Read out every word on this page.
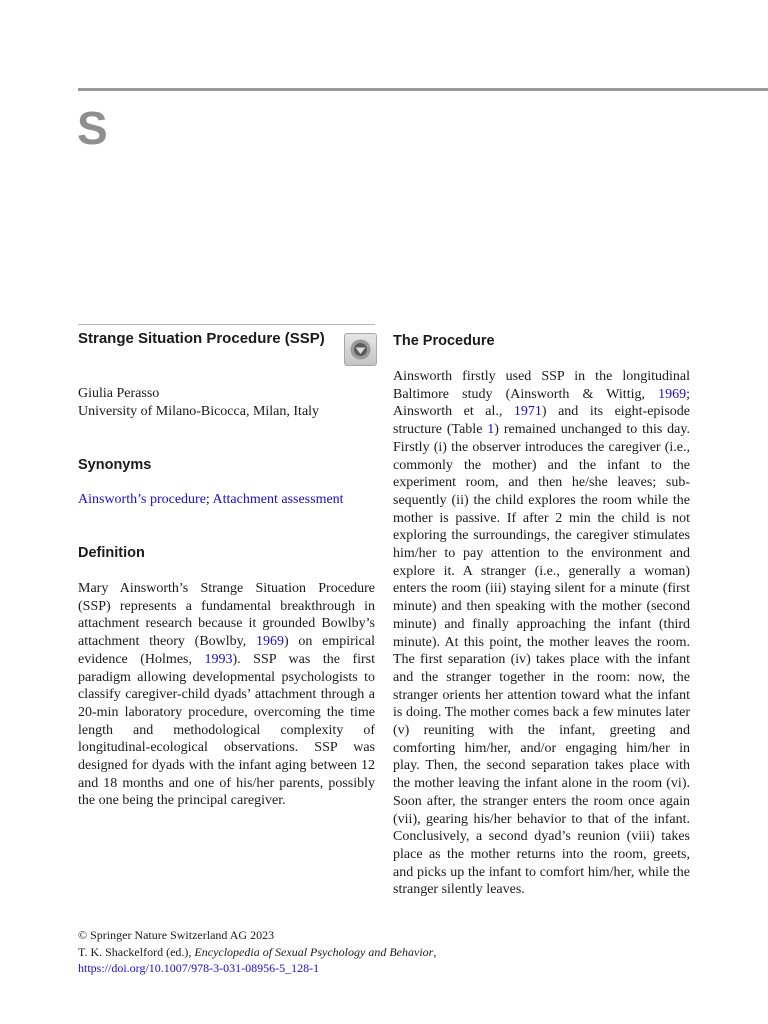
S
Strange Situation Procedure (SSP)
Giulia Perasso
University of Milano-Bicocca, Milan, Italy
Synonyms
Ainsworth’s procedure; Attachment assessment
Definition
Mary Ainsworth’s Strange Situation Procedure (SSP) represents a fundamental breakthrough in attachment research because it grounded Bowlby’s attachment theory (Bowlby, 1969) on empirical evidence (Holmes, 1993). SSP was the first paradigm allowing developmental psychologists to classify caregiver-child dyads’ attachment through a 20-min laboratory procedure, overcoming the time length and methodological complexity of longitudinal-ecological observations. SSP was designed for dyads with the infant aging between 12 and 18 months and one of his/her parents, possibly the one being the principal caregiver.
The Procedure
Ainsworth firstly used SSP in the longitudinal Baltimore study (Ainsworth & Wittig, 1969; Ainsworth et al., 1971) and its eight-episode structure (Table 1) remained unchanged to this day. Firstly (i) the observer introduces the caregiver (i.e., commonly the mother) and the infant to the experiment room, and then he/she leaves; subsequently (ii) the child explores the room while the mother is passive. If after 2 min the child is not exploring the surroundings, the caregiver stimulates him/her to pay attention to the environment and explore it. A stranger (i.e., generally a woman) enters the room (iii) staying silent for a minute (first minute) and then speaking with the mother (second minute) and finally approaching the infant (third minute). At this point, the mother leaves the room. The first separation (iv) takes place with the infant and the stranger together in the room: now, the stranger orients her attention toward what the infant is doing. The mother comes back a few minutes later (v) reuniting with the infant, greeting and comforting him/her, and/or engaging him/her in play. Then, the second separation takes place with the mother leaving the infant alone in the room (vi). Soon after, the stranger enters the room once again (vii), gearing his/her behavior to that of the infant. Conclusively, a second dyad’s reunion (viii) takes place as the mother returns into the room, greets, and picks up the infant to comfort him/her, while the stranger silently leaves.
© Springer Nature Switzerland AG 2023
T. K. Shackelford (ed.), Encyclopedia of Sexual Psychology and Behavior,
https://doi.org/10.1007/978-3-031-08956-5_128-1
